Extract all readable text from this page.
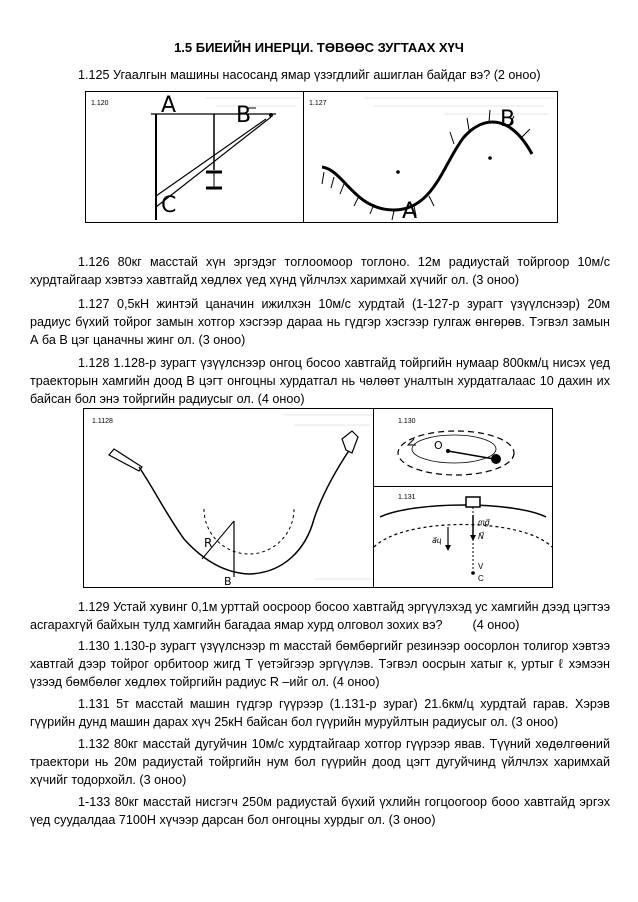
1.5 БИЕИЙН ИНЕРЦИ. ТӨВӨӨС ЗУГТААХ ХҮЧ
1.125 Угаалгын машины насосанд ямар үзэгдлийг ашиглан байдаг вэ? (2 оноо)
1.120 A	B
C
1.127
B
A
1.126 80кг масстай хүн эргэдэг тоглоомоор тоглоно. 12м радиустай тойргоор 10м/с хурдтайгаар хэвтээ хавтгайд хөдлөх үед хүнд үйлчлэх харимхай хүчийг ол. (3 оноо)
1.127 0,5кН жинтэй цаначин ижилхэн 10м/с хурдтай (1-127-р зурагт үзүүлснээр) 20м радиус бүхий тойрог замын хотгор хэсгээр дараа нь гүдгэр хэсгээр гулгаж өнгөрөв. Тэгвэл замын А ба В цэг цаначны жинг ол. (3 оноо)
1.128 1.128-р зурагт үзүүлснээр онгоц босоо хавтгайд тойргийн нумаар 800км/ц нисэх үед траекторын хамгийн доод В цэгт онгоцны хурдатгал нь чөлөөт уналтын хурдатгалаас 10 дахин их байсан бол энэ тойргийн радиусыг ол. (4 оноо)
1.1128
R
B
1.130
O
1.131
mg⃗
N⃗
a⃗ц
V
C
1.129 Устай хувинг 0,1м урттай оосроор босоо хавтгайд эргүүлэхэд ус хамгийн дээд цэгтээ асгарахгүй байхын тулд хамгийн багадаа ямар хурд олговол зохих вэ? (4 оноо)
1.130 1.130-р зурагт үзүүлснээр m масстай бөмбөргийг резинээр оосорлон толигор хэвтээ хавтгай дээр тойрог орбитоор жигд Т үетэйгээр эргүүлэв. Тэгвэл оосрын хатыг к, уртыг ℓ хэмээн үзээд бөмбөлөг хөдлөх тойргийн радиус R –ийг ол. (4 оноо)
1.131 5т масстай машин гүдгэр гүүрээр (1.131-р зураг) 21.6км/ц хурдтай гарав. Хэрэв гүүрийн дунд машин дарах хүч 25кН байсан бол гүүрийн муруйлтын радиусыг ол. (3 оноо)
1.132 80кг масстай дугуйчин 10м/с хурдтайгаар хотгор гүүрээр явав. Түүний хөдөлгөөний траектори нь 20м радиустай тойргийн нум бол гүүрийн доод цэгт дугуйчинд үйлчлэх харимхай хүчийг тодорхойл. (3 оноо)
1-133 80кг масстай нисгэгч 250м радиустай бүхий үхлийн гогцоогоор бооо хавтгайд эргэх үед суудалдаа 7100Н хүчээр дарсан бол онгоцны хурдыг ол. (3 оноо)
